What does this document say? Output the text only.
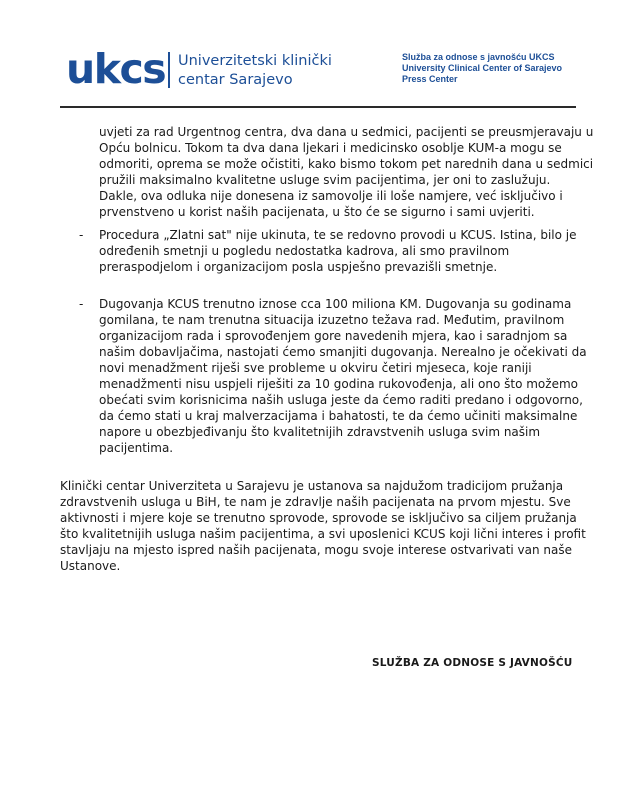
ukcs Univerzitetski klinički
centar Sarajevo
Služba za odnose s javnošću UKCS
University Clinical Center of Sarajevo
Press Center
uvjeti za rad Urgentnog centra, dva dana u sedmici, pacijenti se preusmjeravaju u
Opću bolnicu. Tokom ta dva dana ljekari i medicinsko osoblje KUM-a mogu se
odmoriti, oprema se može očistiti, kako bismo tokom pet narednih dana u sedmici
pružili maksimalno kvalitetne usluge svim pacijentima, jer oni to zaslužuju.
Dakle, ova odluka nije donesena iz samovolje ili loše namjere, već isključivo i
prvenstveno u korist naših pacijenata, u što će se sigurno i sami uvjeriti.
- Procedura „Zlatni sat" nije ukinuta, te se redovno provodi u KCUS. Istina, bilo je
određenih smetnji u pogledu nedostatka kadrova, ali smo pravilnom
preraspodjelom i organizacijom posla uspješno prevazišli smetnje.
- Dugovanja KCUS trenutno iznose cca 100 miliona KM. Dugovanja su godinama
gomilana, te nam trenutna situacija izuzetno težava rad. Međutim, pravilnom
organizacijom rada i sprovođenjem gore navedenih mjera, kao i saradnjom sa
našim dobavljačima, nastojati ćemo smanjiti dugovanja. Nerealno je očekivati da
novi menadžment riješi sve probleme u okviru četiri mjeseca, koje raniji
menadžmenti nisu uspjeli riješiti za 10 godina rukovođenja, ali ono što možemo
obećati svim korisnicima naših usluga jeste da ćemo raditi predano i odgovorno,
da ćemo stati u kraj malverzacijama i bahatosti, te da ćemo učiniti maksimalne
napore u obezbjeđivanju što kvalitetnijih zdravstvenih usluga svim našim
pacijentima.
Klinički centar Univerziteta u Sarajevu je ustanova sa najdužom tradicijom pružanja
zdravstvenih usluga u BiH, te nam je zdravlje naših pacijenata na prvom mjestu. Sve
aktivnosti i mjere koje se trenutno sprovode, sprovode se isključivo sa ciljem pružanja
što kvalitetnijih usluga našim pacijentima, a svi uposlenici KCUS koji lični interes i profit
stavljaju na mjesto ispred naših pacijenata, mogu svoje interese ostvarivati van naše
Ustanove.
SLUŽBA ZA ODNOSE S JAVNOŠĆU
